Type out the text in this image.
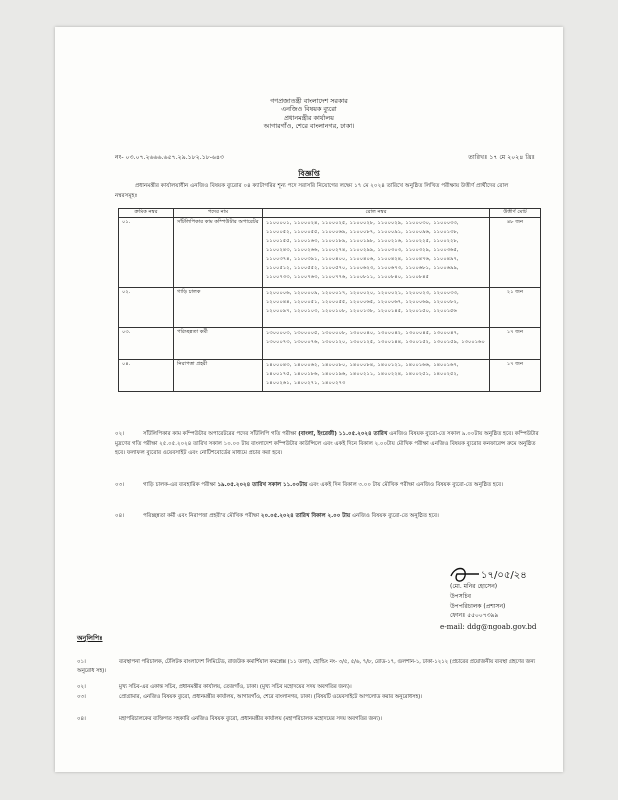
গণপ্রজাতন্ত্রী বাংলাদেশ সরকার
এনজিও বিষয়ক ব্যুরো
প্রধানমন্ত্রীর কার্যালয়
আগারগাঁও, শেরে বাংলানগর, ঢাকা।
নং- ০৩.০৭.২৬৬৬.৬৫৭.২৯.১৮২.১৮-৬৪৩	তারিখঃ ১৭ মে ২০২৪ খ্রিঃ
বিজ্ঞপ্তি
প্রধানমন্ত্রীর কার্যালয়াধীন এনজিও বিষয়ক ব্যুরোর ০৪ ক্যাটাগরির শূন্য পদে সরাসরি নিয়োগের লক্ষ্যে ১৭ মে ২০২৪ তারিখে অনুষ্ঠিত লিখিত পরীক্ষায় উত্তীর্ণ প্রার্থীদের রোল নম্বরসমূহঃ
ক্রমিক নম্বর	পদের নাম	রোল নম্বর	উত্তীর্ণ মোট
০১.	সাঁটলিপিকার কাম কম্পিউটার অপারেটর	১১০০০০১, ১১০০০২৪, ১১০০০২৫, ১১০০০২৮, ১১০০০২৯, ১১০০০৩০, ১১০০০৩৩, ১১০০০৫২, ১১০০০৫৫, ১১০০০৬৯, ১১০০০৮৭, ১১০০০৯১, ১১০০০৯৬, ১১০০১৩৮, ১১০০১৫৫, ১১০০১৬৩, ১১০০১৮৯, ১১০০১৯৮, ১১০০২১৬, ১১০০২২৫, ১১০০২২৮, ১১০০২৪৩, ১১০০২৬৬, ১১০০২৭৪, ১১০০২৯৯, ১১০০৩০৩, ১১০০৩২৯, ১১০০৩৬৫, ১১০০৩৭৪, ১১০০৩৯১, ১১০০৪০০, ১১০০৪০৬, ১১০০৪২৪, ১১০০৪৭৬, ১১০০৪৯৭, ১১০০৫১২, ১১০০৫৫২, ১১০০৫৭০, ১১০০৬২৩, ১১০০৬৭৩, ১১০০৬৮১, ১১০০৬৯৯, ১১০০৭৩৩, ১১০০৭৬৩, ১১০০৭৭৬, ১১০০৮১১, ১১০০৮৪০, ১১০০৮৪৫	৪৮ জন
০২.	গাড়ি চালক	১২০০০০৬, ১২০০০০৯, ১২০০০১৭, ১২০০০২০, ১২০০০২১, ১২০০০২৩, ১২০০০৩৩, ১২০০০৪৪, ১২০০০৫১, ১২০০০৫৫, ১২০০০৬৫, ১২০০০৬৭, ১২০০০৬৯, ১২০০০৮২, ১২০০০৯৭, ১২০০১০৩, ১২০০১০৮, ১২০০১৩৮, ১২০০১৪৫, ১২০০১৫০, ১২০০১৫৬	২১ জন
০৩.	পরিচ্ছন্নতা কর্মী	১৩০০০০৩, ১৩০০০০৫, ১৩০০০০৮, ১৩০০০৪০, ১৩০০০৪২, ১৩০০০৪৫, ১৩০০০৪৭, ১৩০০০৭৩, ১৩০০০৭৬, ১৩০০১২০, ১৩০০১২৫, ১৩০০১৪৪, ১৩০০১৫২, ১৩০০১৫৯, ১৩০০১৬০	১৭ জন
০৪.	নিরাপত্তা প্রহরী	১৪০০০৪৩, ১৪০০০৬২, ১৪০০০৮০, ১৪০০০৮৪, ১৪০০১২১, ১৪০০১৬৬, ১৪০০১৬৭, ১৪০০১৭৫, ১৪০০১৮৬, ১৪০০১৯৬, ১৪০০২১১, ১৪০০২২৪, ১৪০০২৫১, ১৪০০২৫২, ১৪০০২৬১, ১৪০০২৭১, ১৪০০২৭৩	১৭ জন
০২।	সাঁটলিপিকার কাম কম্পিউটার অপারেটরের পদের সাঁটলিপি গতি পরীক্ষা (বাংলা, ইংরেজী) ১১.০৫.২০২৪ তারিখ এনজিও বিষয়ক ব্যুরো-তে সকাল ৯.০০টায় অনুষ্ঠিত হবে। কম্পিউটার মুদ্রণের গতি পরীক্ষা ২৫.০৫.২০২৪ তারিখ সকাল ১০.০০ টায় বাংলাদেশ কম্পিউটার কাউন্সিলে এবং একই দিনে বিকাল ২.০০টায় মৌখিক পরীক্ষা এনজিও বিষয়ক ব্যুরোর কনফারেন্স রুমে অনুষ্ঠিত হবে। ফলাফল ব্যুরোর ওয়েবসাইট এবং নোটিশবোর্ডের মাধ্যমে প্রচার করা হবে।
০৩।	গাড়ি চালক-এর ব্যবহারিক পরীক্ষা ১৯.০৫.২০২৪ তারিখ সকাল ১১.০০টায় এবং একই দিন বিকাল ৩.০০ টায় মৌখিক পরীক্ষা এনজিও বিষয়ক ব্যুরো-তে অনুষ্ঠিত হবে।
০৪।	পরিচ্ছন্নতা কর্মী এবং নিরাপত্তা প্রহরী'র মৌখিক পরীক্ষা ২০.০৫.২০২৪ তারিখ বিকাল ২.০০ টায় এনজিও বিষয়ক ব্যুরো-তে অনুষ্ঠিত হবে।
১৭/০৫/২৪
(মো. মনির হোসেন)
উপসচিব
উপপরিচালক (প্রশাসন)
ফোনঃ ৫৫০০৭৩৯৯
e-mail: ddg@ngoab.gov.bd
অনুলিপিঃ
০১।	ব্যবস্থাপনা পরিচালক, টেলিটক বাংলাদেশ লিমিটেড, রাজউক কমার্শিয়াল কমপ্লেক্স (১১ তলা), হোল্ডিং নং- ৩/৫, ৫/৬, ৭/৮, রোড-১৭, গুলশান-১, ঢাকা-১২১২ (প্রচারের প্রয়োজনীয় ব্যবস্থা গ্রহণের জন্য অনুরোধ সহ)।
০২।	মুখ্য সচিব-এর একান্ত সচিব, প্রধানমন্ত্রীর কার্যালয়, তেজগাঁও, ঢাকা। (মুখ্য সচিব মহোদয়ের সদয় অবগতির জন্য)।
০৩।	প্রোগ্রামার, এনজিও বিষয়ক ব্যুরো, প্রধানমন্ত্রীর কার্যালয়, আগারগাঁও, শেরে বাংলানগর, ঢাকা। (বিষয়টি ওয়েবসাইটে আপলোড করার অনুরোধসহ)।
০৪।	মহাপরিচালকের ব্যক্তিগত সহকারি এনজিও বিষয়ক ব্যুরো, প্রধানমন্ত্রীর কার্যালয় (মহাপরিচালক মহোদয়ের সদয় অবগতির জন্য)।
